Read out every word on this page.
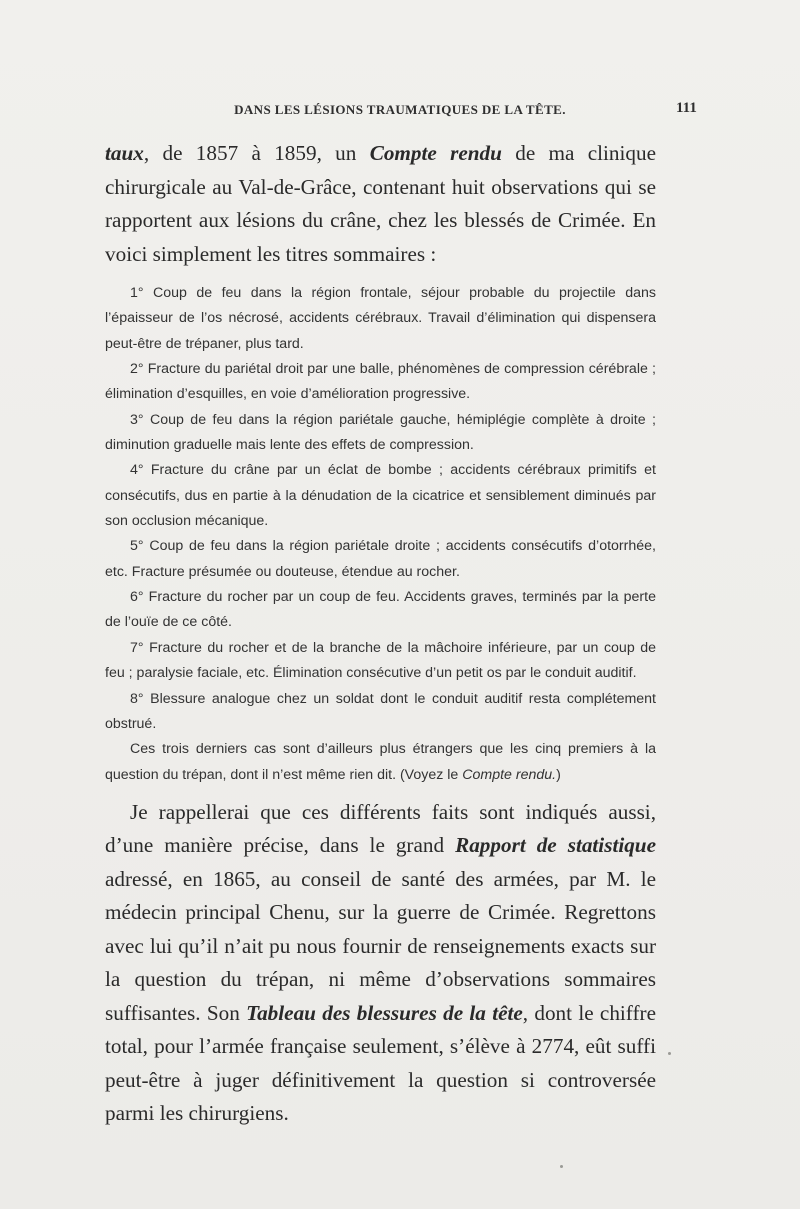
DANS LES LÉSIONS TRAUMATIQUES DE LA TÊTE.	111

taux, de 1857 à 1859, un Compte rendu de ma clinique chirurgicale au Val-de-Grâce, contenant huit observations qui se rapportent aux lésions du crâne, chez les blessés de Crimée. En voici simplement les titres sommaires :

1° Coup de feu dans la région frontale, séjour probable du projectile dans l’épaisseur de l’os nécrosé, accidents cérébraux. Travail d’élimination qui dispensera peut-être de trépaner, plus tard.

2° Fracture du pariétal droit par une balle, phénomènes de compression cérébrale ; élimination d’esquilles, en voie d’amélioration progressive.

3° Coup de feu dans la région pariétale gauche, hémiplégie complète à droite ; diminution graduelle mais lente des effets de compression.

4° Fracture du crâne par un éclat de bombe ; accidents cérébraux primitifs et consécutifs, dus en partie à la dénudation de la cicatrice et sensiblement diminués par son occlusion mécanique.

5° Coup de feu dans la région pariétale droite ; accidents consécutifs d’otorrhée, etc. Fracture présumée ou douteuse, étendue au rocher.

6° Fracture du rocher par un coup de feu. Accidents graves, terminés par la perte de l’ouïe de ce côté.

7° Fracture du rocher et de la branche de la mâchoire inférieure, par un coup de feu ; paralysie faciale, etc. Élimination consécutive d’un petit os par le conduit auditif.

8° Blessure analogue chez un soldat dont le conduit auditif resta complétement obstrué.

Ces trois derniers cas sont d’ailleurs plus étrangers que les cinq premiers à la question du trépan, dont il n’est même rien dit. (Voyez le Compte rendu.)

Je rappellerai que ces différents faits sont indiqués aussi, d’une manière précise, dans le grand Rapport de statistique adressé, en 1865, au conseil de santé des armées, par M. le médecin principal Chenu, sur la guerre de Crimée. Regrettons avec lui qu’il n’ait pu nous fournir de renseignements exacts sur la question du trépan, ni même d’observations sommaires suffisantes. Son Tableau des blessures de la tête, dont le chiffre total, pour l’armée française seulement, s’élève à 2774, eût suffi peut-être à juger définitivement la question si controversée parmi les chirurgiens.
